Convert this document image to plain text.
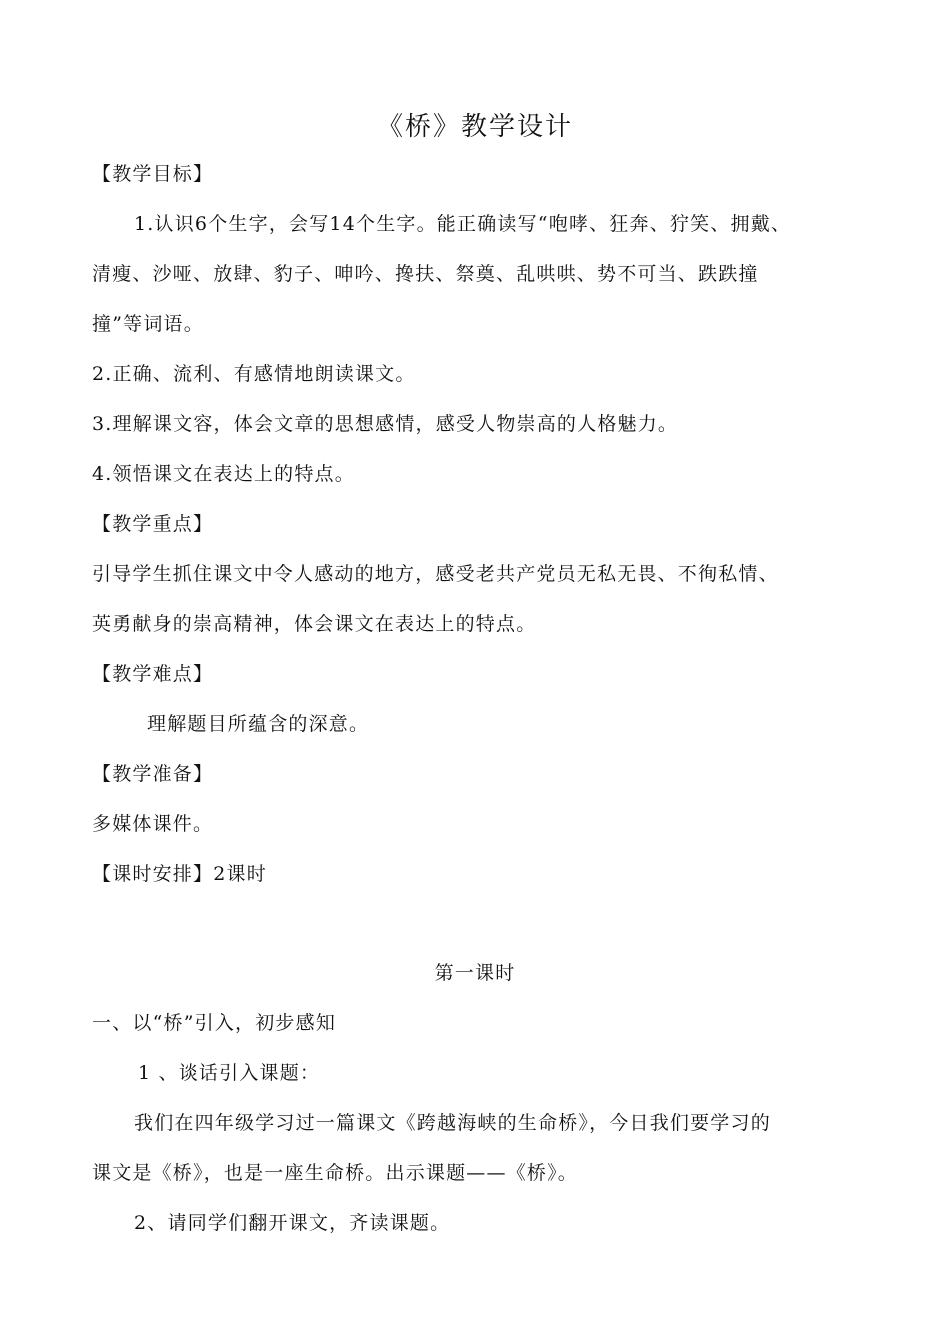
《桥》教学设计
【教学目标】
1.认识6个生字，会写14个生字。能正确读写“咆哮、狂奔、狞笑、拥戴、
清瘦、沙哑、放肆、豹子、呻吟、搀扶、祭奠、乱哄哄、势不可当、跌跌撞
撞”等词语。
2.正确、流利、有感情地朗读课文。
3.理解课文容，体会文章的思想感情，感受人物崇高的人格魅力。
4.领悟课文在表达上的特点。
【教学重点】
引导学生抓住课文中令人感动的地方，感受老共产党员无私无畏、不徇私情、
英勇献身的崇高精神，体会课文在表达上的特点。
【教学难点】
理解题目所蕴含的深意。
【教学准备】
多媒体课件。
【课时安排】2课时
第一课时
一、以“桥”引入，初步感知
1 、谈话引入课题：
我们在四年级学习过一篇课文《跨越海峡的生命桥》，今日我们要学习的
课文是《桥》，也是一座生命桥。出示课题——《桥》。
2、请同学们翻开课文，齐读课题。
